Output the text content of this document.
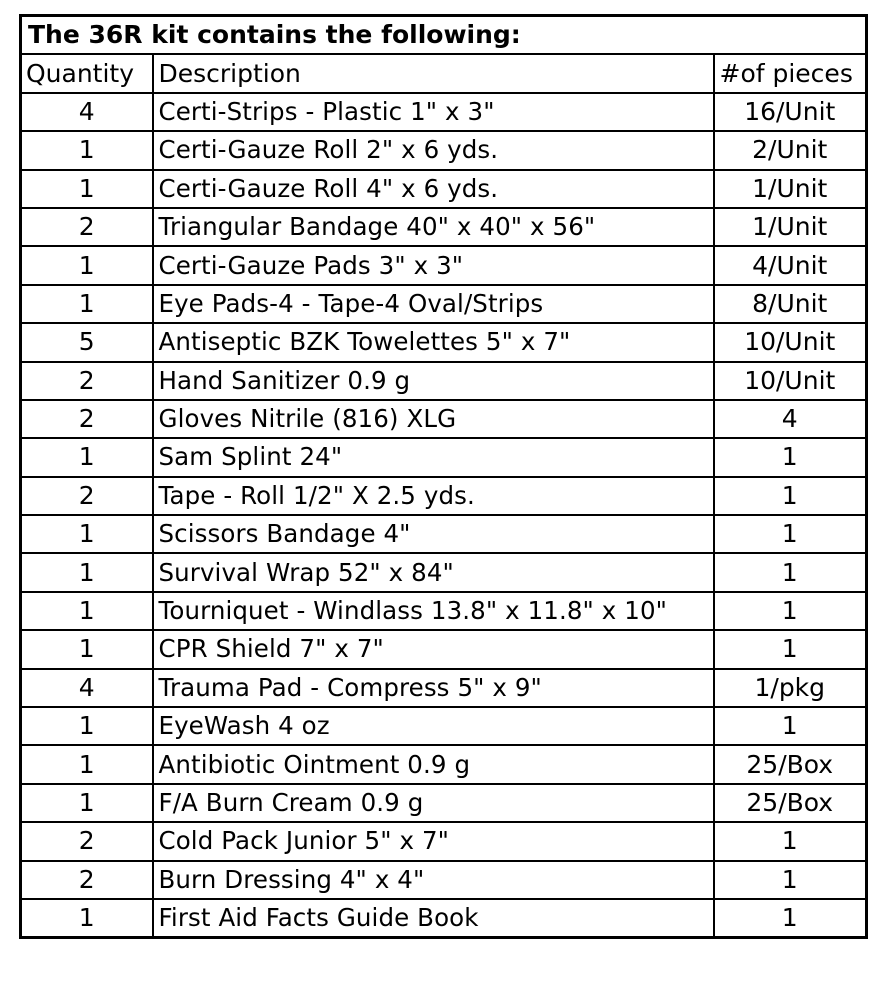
The 36R kit contains the following:		
Quantity	Description	#of pieces
4	Certi-Strips - Plastic 1" x 3"	16/Unit
1	Certi-Gauze Roll 2" x 6 yds.	2/Unit
1	Certi-Gauze Roll 4" x 6 yds.	1/Unit
2	Triangular Bandage 40" x 40" x 56"	1/Unit
1	Certi-Gauze Pads 3" x 3"	4/Unit
1	Eye Pads-4 - Tape-4 Oval/Strips	8/Unit
5	Antiseptic BZK Towelettes 5" x 7"	10/Unit
2	Hand Sanitizer 0.9 g	10/Unit
2	Gloves Nitrile (816) XLG	4
1	Sam Splint 24"	1
2	Tape - Roll 1/2" X 2.5 yds.	1
1	Scissors Bandage 4"	1
1	Survival Wrap 52" x 84"	1
1	Tourniquet - Windlass 13.8" x 11.8" x 10"	1
1	CPR Shield 7" x 7"	1
4	Trauma Pad - Compress 5" x 9"	1/pkg
1	EyeWash 4 oz	1
1	Antibiotic Ointment 0.9 g	25/Box
1	F/A Burn Cream 0.9 g	25/Box
2	Cold Pack Junior 5" x 7"	1
2	Burn Dressing 4" x 4"	1
1	First Aid Facts Guide Book	1
